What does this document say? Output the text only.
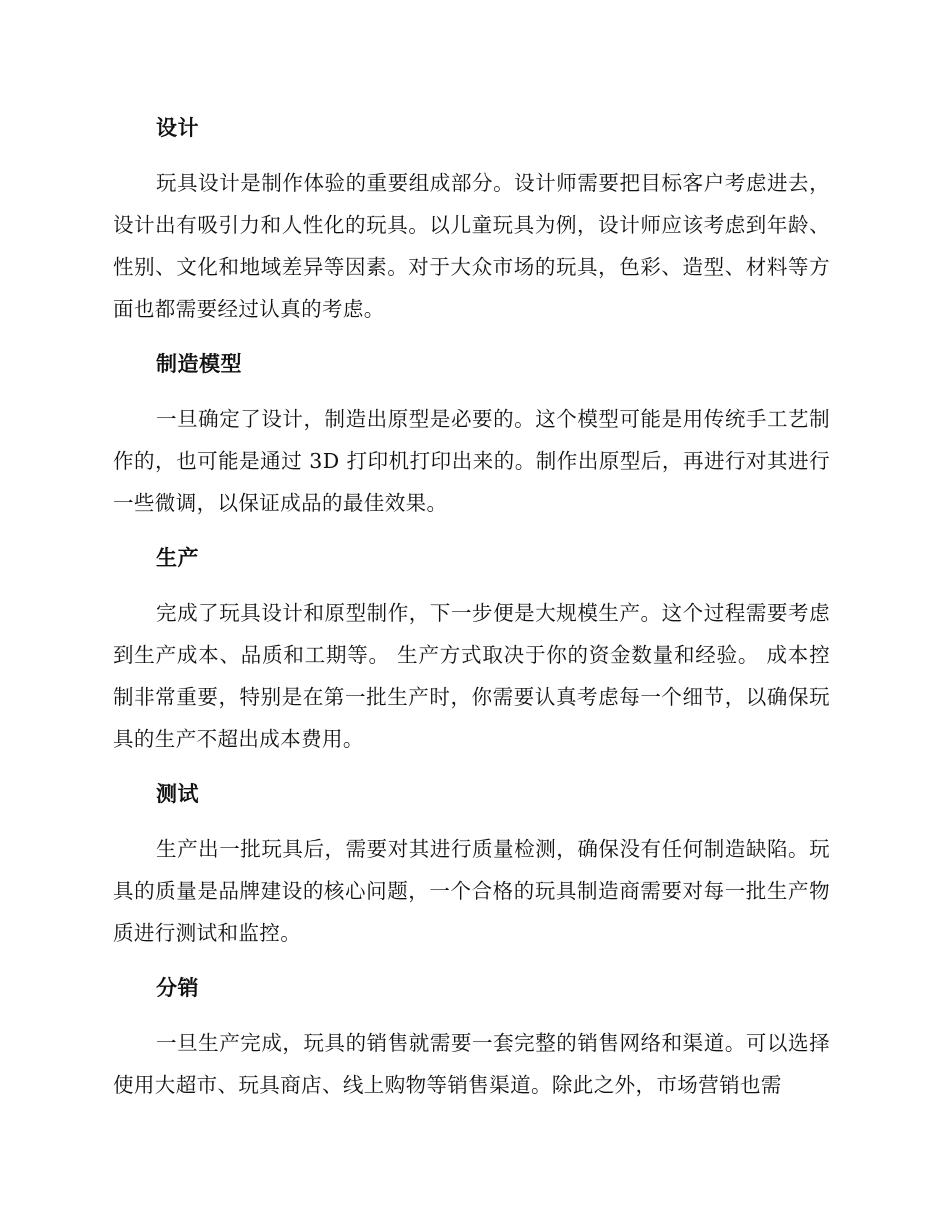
设计

玩具设计是制作体验的重要组成部分。设计师需要把目标客户考虑进去，设计出有吸引力和人性化的玩具。以儿童玩具为例，设计师应该考虑到年龄、性别、文化和地域差异等因素。对于大众市场的玩具，色彩、造型、材料等方面也都需要经过认真的考虑。

制造模型

一旦确定了设计，制造出原型是必要的。这个模型可能是用传统手工艺制作的，也可能是通过 3D 打印机打印出来的。制作出原型后，再进行对其进行一些微调，以保证成品的最佳效果。

生产

完成了玩具设计和原型制作，下一步便是大规模生产。这个过程需要考虑到生产成本、品质和工期等。 生产方式取决于你的资金数量和经验。 成本控制非常重要，特别是在第一批生产时，你需要认真考虑每一个细节，以确保玩具的生产不超出成本费用。

测试

生产出一批玩具后，需要对其进行质量检测，确保没有任何制造缺陷。玩具的质量是品牌建设的核心问题，一个合格的玩具制造商需要对每一批生产物质进行测试和监控。

分销

一旦生产完成，玩具的销售就需要一套完整的销售网络和渠道。可以选择使用大超市、玩具商店、线上购物等销售渠道。除此之外，市场营销也需
